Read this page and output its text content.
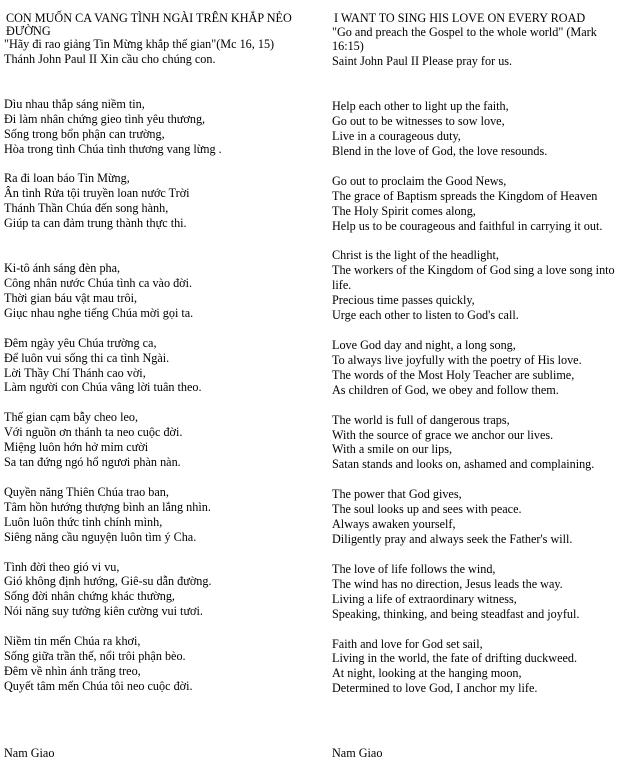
CON MUỐN CA VANG TÌNH NGÀI TRÊN KHẮP NẺO ĐƯỜNG
"Hãy đi rao giảng Tin Mừng khắp thế gian"(Mc 16, 15)
Thánh John Paul II Xin cầu cho chúng con.
Dìu nhau thắp sáng niềm tin,
Đi làm nhân chứng gieo tình yêu thương,
Sống trong bổn phận can trường,
Hòa trong tình Chúa tình thương vang lừng .
Ra đi loan báo Tin Mừng,
Ân tình Rửa tội truyền loan nước Trời
Thánh Thần Chúa đến song hành,
Giúp ta can đảm trung thành thực thi.
Ki-tô ánh sáng đèn pha,
Công nhân nước Chúa tình ca vào đời.
Thời gian báu vật mau trôi,
Giục nhau nghe tiếng Chúa mời gọi ta.
Đêm ngày yêu Chúa trường ca,
Để luôn vui sống thi ca tình Ngài.
Lời Thầy Chí Thánh cao vời,
Làm người con Chúa vâng lời tuân theo.
Thế gian cạm bẫy cheo leo,
Với nguồn ơn thánh ta neo cuộc đời.
Miệng luôn hớn hở mỉm cười
Sa tan đứng ngó hổ ngươi phàn nàn.
Quyền năng Thiên Chúa trao ban,
Tâm hồn hướng thượng bình an lắng nhìn.
Luôn luôn thức tỉnh chính mình,
Siêng năng cầu nguyện luôn tìm ý Cha.
Tình đời theo gió vi vu,
Gió không định hướng, Giê-su dẫn đường.
Sống đời nhân chứng khác thường,
Nói năng suy tưởng kiên cường vui tươi.
Niềm tin mến Chúa ra khơi,
Sống giữa trần thế, nổi trôi phận bèo.
Đêm về nhìn ánh trăng treo,
Quyết tâm mến Chúa tôi neo cuộc đời.
I WANT TO SING HIS LOVE ON EVERY ROAD
"Go and preach the Gospel to the whole world" (Mark 16:15)
Saint John Paul II Please pray for us.
Help each other to light up the faith,
Go out to be witnesses to sow love,
Live in a courageous duty,
Blend in the love of God, the love resounds.
Go out to proclaim the Good News,
The grace of Baptism spreads the Kingdom of Heaven
The Holy Spirit comes along,
Help us to be courageous and faithful in carrying it out.
Christ is the light of the headlight,
The workers of the Kingdom of God sing a love song into life.
Precious time passes quickly,
Urge each other to listen to God's call.
Love God day and night, a long song,
To always live joyfully with the poetry of His love.
The words of the Most Holy Teacher are sublime,
As children of God, we obey and follow them.
The world is full of dangerous traps,
With the source of grace we anchor our lives.
With a smile on our lips,
Satan stands and looks on, ashamed and complaining.
The power that God gives,
The soul looks up and sees with peace.
Always awaken yourself,
Diligently pray and always seek the Father's will.
The love of life follows the wind,
The wind has no direction, Jesus leads the way.
Living a life of extraordinary witness,
Speaking, thinking, and being steadfast and joyful.
Faith and love for God set sail,
Living in the world, the fate of drifting duckweed.
At night, looking at the hanging moon,
Determined to love God, I anchor my life.
Nam Giao	Nam Giao
